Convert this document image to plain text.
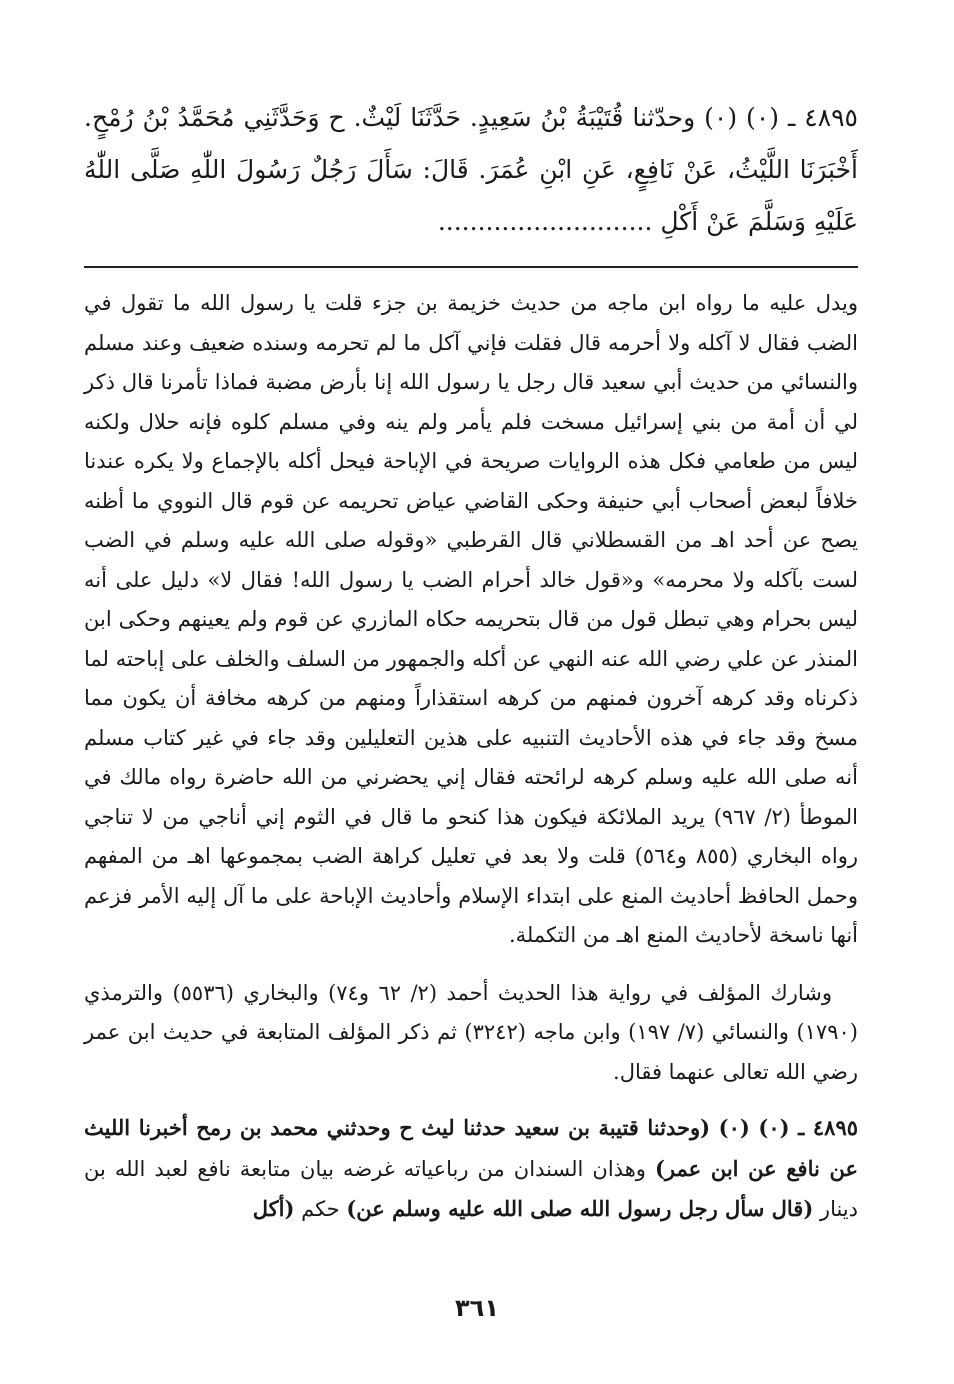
٤٨٩٥ ـ (٠) (٠) وحدّثنا قُتَيْبَةُ بْنُ سَعِيدٍ. حَدَّثَنَا لَيْثٌ. ح وَحَدَّثَنِي مُحَمَّدُ بْنُ رُمْحٍ. أَخْبَرَنَا اللَّيْثُ، عَنْ نَافِعٍ، عَنِ ابْنِ عُمَرَ. قَالَ: سَأَلَ رَجُلٌ رَسُولَ اللّٰهِ صَلَّى اللّٰهُ عَلَيْهِ وَسَلَّمَ عَنْ أَكْلِ ...........................

ويدل عليه ما رواه ابن ماجه من حديث خزيمة بن جزء قلت يا رسول الله ما تقول في الضب فقال لا آكله ولا أحرمه قال فقلت فإني آكل ما لم تحرمه وسنده ضعيف وعند مسلم والنسائي من حديث أبي سعيد قال رجل يا رسول الله إنا بأرض مضبة فماذا تأمرنا قال ذكر لي أن أمة من بني إسرائيل مسخت فلم يأمر ولم ينه وفي مسلم كلوه فإنه حلال ولكنه ليس من طعامي فكل هذه الروايات صريحة في الإباحة فيحل أكله بالإجماع ولا يكره عندنا خلافاً لبعض أصحاب أبي حنيفة وحكى القاضي عياض تحريمه عن قوم قال النووي ما أظنه يصح عن أحد اهـ من القسطلاني قال القرطبي «وقوله صلى الله عليه وسلم في الضب لست بآكله ولا محرمه» و«قول خالد أحرام الضب يا رسول الله! فقال لا» دليل على أنه ليس بحرام وهي تبطل قول من قال بتحريمه حكاه المازري عن قوم ولم يعينهم وحكى ابن المنذر عن علي رضي الله عنه النهي عن أكله والجمهور من السلف والخلف على إباحته لما ذكرناه وقد كرهه آخرون فمنهم من كرهه استقذاراً ومنهم من كرهه مخافة أن يكون مما مسخ وقد جاء في هذه الأحاديث التنبيه على هذين التعليلين وقد جاء في غير كتاب مسلم أنه صلى الله عليه وسلم كرهه لرائحته فقال إني يحضرني من الله حاضرة رواه مالك في الموطأ (٢/ ٩٦٧) يريد الملائكة فيكون هذا كنحو ما قال في الثوم إني أناجي من لا تناجي رواه البخاري (٨٥٥ و٥٦٤) قلت ولا بعد في تعليل كراهة الضب بمجموعها اهـ من المفهم وحمل الحافظ أحاديث المنع على ابتداء الإسلام وأحاديث الإباحة على ما آل إليه الأمر فزعم أنها ناسخة لأحاديث المنع اهـ من التكملة.

وشارك المؤلف في رواية هذا الحديث أحمد (٢/ ٦٢ و٧٤) والبخاري (٥٥٣٦) والترمذي (١٧٩٠) والنسائي (٧/ ١٩٧) وابن ماجه (٣٢٤٢) ثم ذكر المؤلف المتابعة في حديث ابن عمر رضي الله تعالى عنهما فقال.

٤٨٩٥ ـ (٠) (٠) (وحدثنا قتيبة بن سعيد حدثنا ليث ح وحدثني محمد بن رمح أخبرنا الليث عن نافع عن ابن عمر) وهذان السندان من رباعياته غرضه بيان متابعة نافع لعبد الله بن دينار (قال سأل رجل رسول الله صلى الله عليه وسلم عن) حكم (أكل

٣٦١
